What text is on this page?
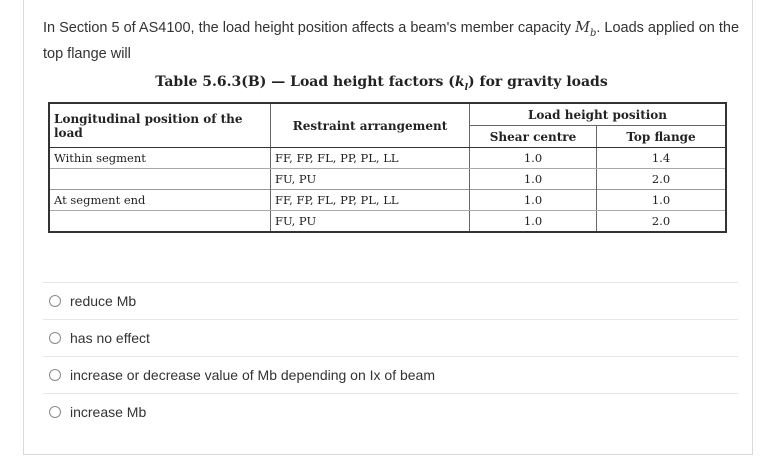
In Section 5 of AS4100, the load height position affects a beam's member capacity $M_b$. Loads applied on the top flange will
Table 5.6.3(B) — Load height factors $(k_l)$ for gravity loads
Longitudinal position of the load	Restraint arrangement	Load height position	
		Shear centre	Top flange
Within segment	FF, FP, FL, PP, PL, LL	1.0	1.4
	FU, PU	1.0	2.0
At segment end	FF, FP, FL, PP, PL, LL	1.0	1.0
	FU, PU	1.0	2.0
reduce Mb
has no effect
increase or decrease value of Mb depending on Ix of beam
increase Mb
